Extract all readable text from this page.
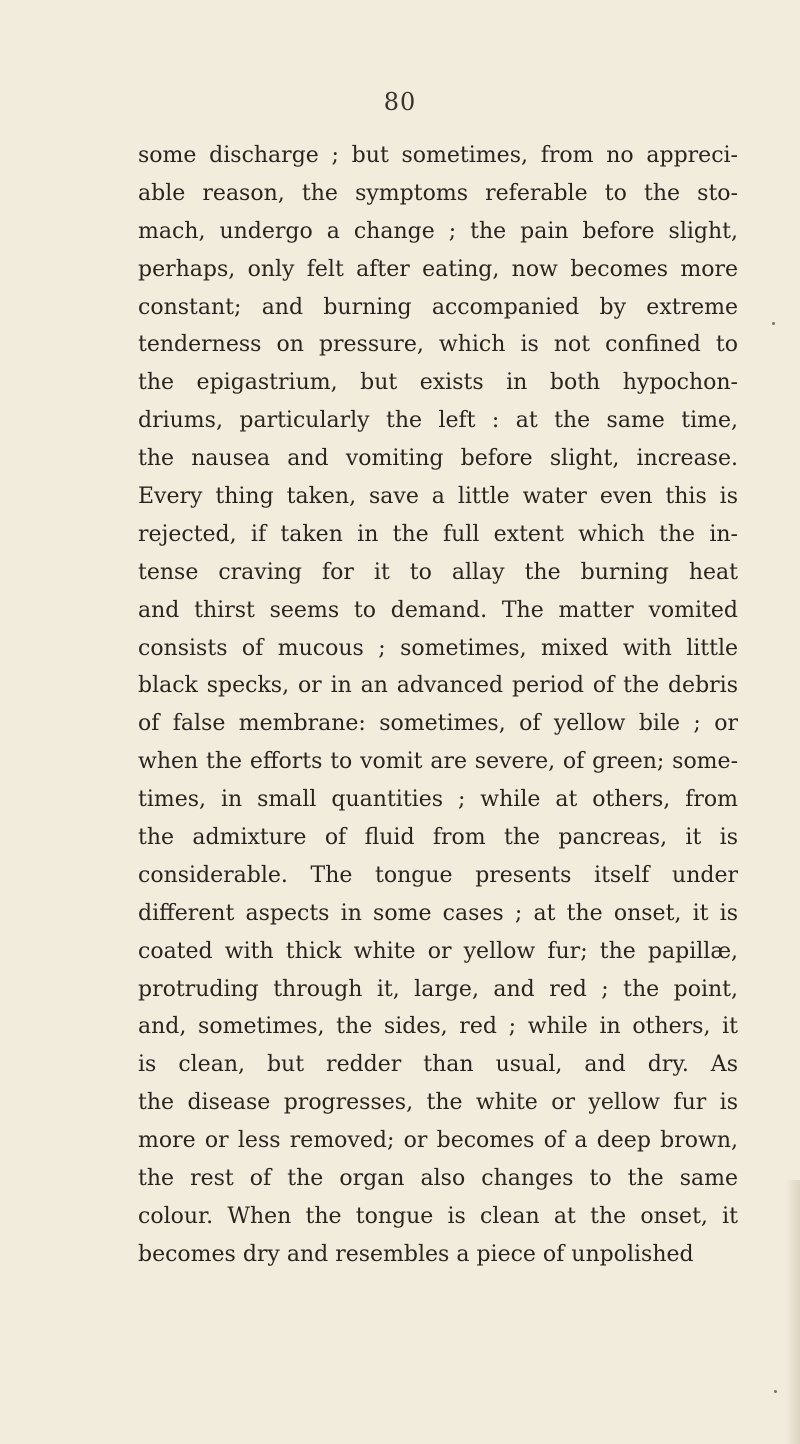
80
some discharge ; but sometimes, from no appreci-
able reason, the symptoms referable to the sto-
mach, undergo a change ; the pain before slight,
perhaps, only felt after eating, now becomes more
constant; and burning accompanied by extreme
tenderness on pressure, which is not confined to
the epigastrium, but exists in both hypochon-
driums, particularly the left : at the same time,
the nausea and vomiting before slight, increase.
Every thing taken, save a little water even this is
rejected, if taken in the full extent which the in-
tense craving for it to allay the burning heat
and thirst seems to demand. The matter vomited
consists of mucous ; sometimes, mixed with little
black specks, or in an advanced period of the debris
of false membrane: sometimes, of yellow bile ; or
when the efforts to vomit are severe, of green; some-
times, in small quantities ; while at others, from
the admixture of fluid from the pancreas, it is
considerable. The tongue presents itself under
different aspects in some cases ; at the onset, it is
coated with thick white or yellow fur; the papillæ,
protruding through it, large, and red ; the point,
and, sometimes, the sides, red ; while in others, it
is clean, but redder than usual, and dry. As
the disease progresses, the white or yellow fur is
more or less removed; or becomes of a deep brown,
the rest of the organ also changes to the same
colour. When the tongue is clean at the onset, it
becomes dry and resembles a piece of unpolished
